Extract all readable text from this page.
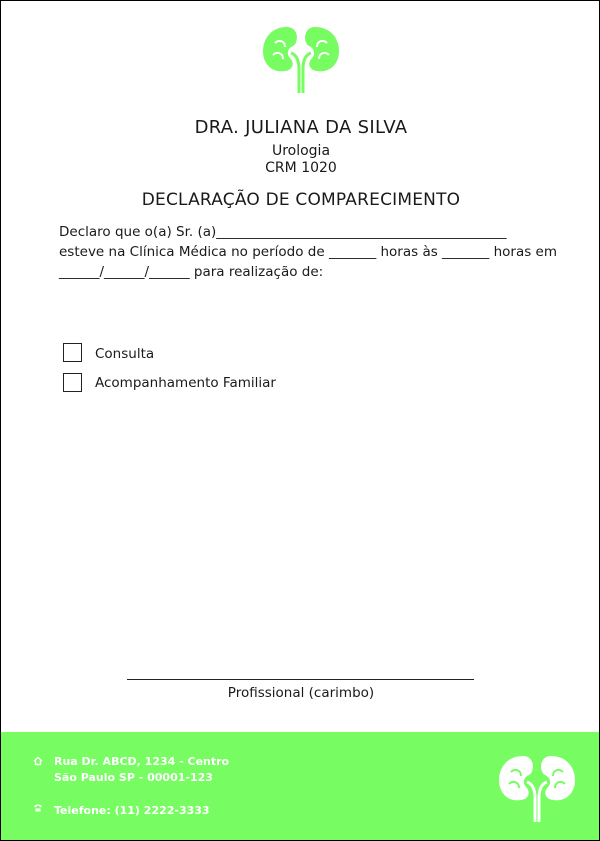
DRA. JULIANA DA SILVA
Urologia
CRM 1020
DECLARAÇÃO DE COMPARECIMENTO
Declaro que o(a) Sr. (a)___________________________________________
esteve na Clínica Médica no período de _______ horas às _______ horas em
______/______/______ para realização de:
Consulta
Acompanhamento Familiar
Profissional (carimbo)
Rua Dr. ABCD, 1234 - Centro
São Paulo SP - 00001-123
Telefone: (11) 2222-3333
